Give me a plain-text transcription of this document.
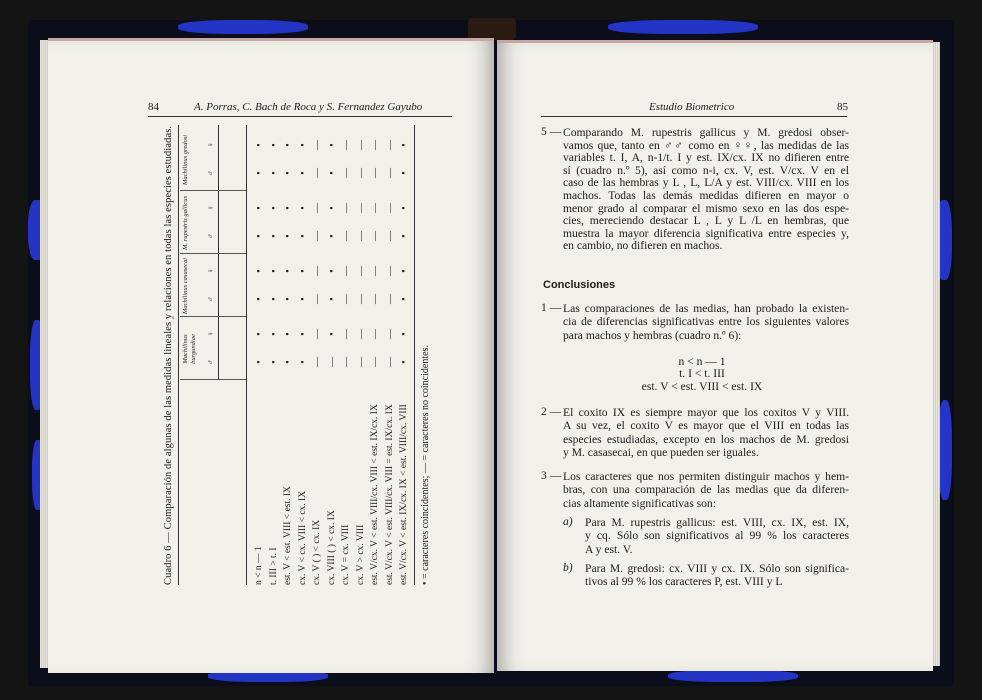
84	A. Porras, C. Bach de Roca y S. Fernandez Gayubo
Cuadro 6 — Comparación de algunas de las medidas lineales y relaciones en todas las especies estudiadas. Machilinus burgundiae
Machilinus casasecai
M. rupestris gallicus
Machilinus gredosi
♂
♀
♂
♀
♂
♀
♂
♀
n < n — 1
•
•
•
•
•
•
•
•
t. III > t. I
•
•
•
•
•
•
•
•
est. V < est. VIII < est. IX
•
•
•
•
•
•
•
•
cx. V < cx. VIII < cx. IX
•
•
•
•
•
•
•
•
cx. V ( ) < cx. IX
—
—
—
—
—
—
—
—
cx. VIII ( ) < cx. IX
—
•
•
•
•
•
•
•
cx. V = cx. VIII
—
—
—
—
—
—
—
—
cx. V > cx. VIII
—
—
—
—
—
—
—
—
est. V/cx. V < est. VIII/cx. VIII < est. IX/cx. IX
—
—
—
—
—
—
—
—
est. V/cx. V < est. VIII/cx. VIII = est. IX/cx. IX
—
—
—
—
—
—
—
—
est. V/cx. V < est. IX/cx. IX < est. VIII/cx. VIII
•
•
•
•
•
•
•
•
• = caracteres coincidentes; — = caracteres no coincidentes.
Estudio Biometrico	85
5 — Comparando M. rupestris gallicus y M. gredosi obser-
vamos que, tanto en ♂♂ como en ♀♀, las medidas de las
variables t. I, A, n-1/t. I y est. IX/cx. IX no difieren entre
sí (cuadro n.º 5), así como n-i, cx. V, est. V/cx. V en el
caso de las hembras y L , L, L/A y est. VIII/cx. VIII en los
machos. Todas las demás medidas difieren en mayor o
menor grado al comparar el mismo sexo en las dos espe-
cies, mereciendo destacar L , L y L /L en hembras, que
muestra la mayor diferencia significativa entre especies y,
en cambio, no difieren en machos.
Conclusiones
1 — Las comparaciones de las medias, han probado la existen-
cia de diferencias significativas entre los siguientes valores
para machos y hembras (cuadro n.º 6):
n < n — 1
t. I < t. III
est. V < est. VIII < est. IX
2 — El coxito IX es siempre mayor que los coxitos V y VIII.
A su vez, el coxito V es mayor que el VIII en todas las
especies estudiadas, excepto en los machos de M. gredosi
y M. casasecai, en que pueden ser iguales.
3 — Los caracteres que nos permiten distinguir machos y hem-
bras, con una comparación de las medias que da diferen-
cias altamente significativas son:
a) Para M. rupestris gallicus: est. VIII, cx. IX, est. IX,
y cq. Sólo son significativos al 99 % los caracteres
A y est. V.
b) Para M. gredosi: cx. VIII y cx. IX. Sólo son significa-
tivos al 99 % los caracteres P, est. VIII y L
